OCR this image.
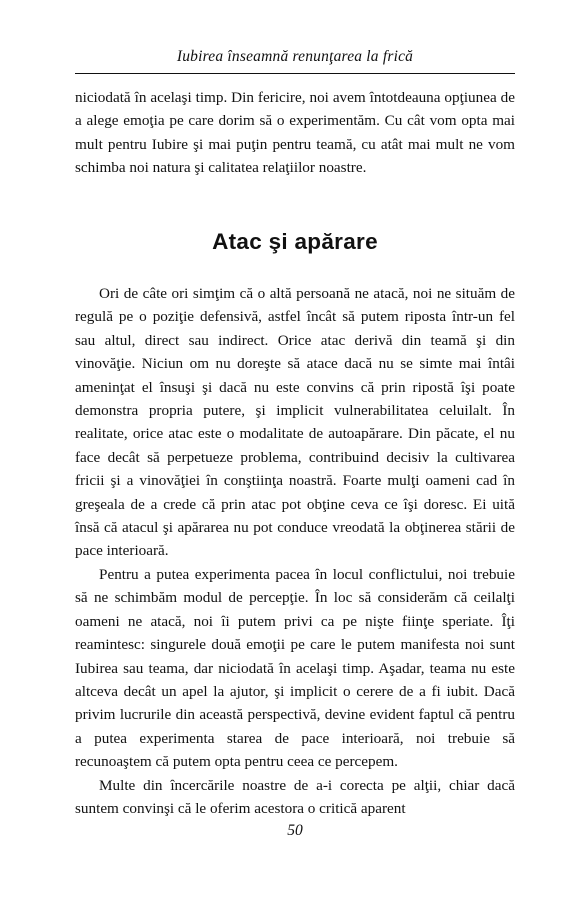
Iubirea înseamnă renunţarea la frică

niciodată în acelaşi timp. Din fericire, noi avem întotdeauna opţiunea de a alege emoţia pe care dorim să o experimentăm. Cu cât vom opta mai mult pentru Iubire şi mai puţin pentru teamă, cu atât mai mult ne vom schimba noi natura şi calitatea relaţiilor noastre.

Atac şi apărare

Ori de câte ori simţim că o altă persoană ne atacă, noi ne situăm de regulă pe o poziţie defensivă, astfel încât să putem riposta într-un fel sau altul, direct sau indirect. Orice atac derivă din teamă şi din vinovăţie. Niciun om nu doreşte să atace dacă nu se simte mai întâi ameninţat el însuşi şi dacă nu este convins că prin ripostă îşi poate demonstra propria putere, şi implicit vulnerabilitatea celuilalt. În realitate, orice atac este o modalitate de autoapărare. Din păcate, el nu face decât să perpetueze problema, contribuind decisiv la cultivarea fricii şi a vinovăţiei în conştiinţa noastră. Foarte mulţi oameni cad în greşeala de a crede că prin atac pot obţine ceva ce îşi doresc. Ei uită însă că atacul şi apărarea nu pot conduce vreodată la obţinerea stării de pace interioară.

Pentru a putea experimenta pacea în locul conflictului, noi trebuie să ne schimbăm modul de percepţie. În loc să considerăm că ceilalţi oameni ne atacă, noi îi putem privi ca pe nişte fiinţe speriate. Îţi reamintesc: singurele două emoţii pe care le putem manifesta noi sunt Iubirea sau teama, dar niciodată în acelaşi timp. Aşadar, teama nu este altceva decât un apel la ajutor, şi implicit o cerere de a fi iubit. Dacă privim lucrurile din această perspectivă, devine evident faptul că pentru a putea experimenta starea de pace interioară, noi trebuie să recunoaştem că putem opta pentru ceea ce percepem.

Multe din încercările noastre de a-i corecta pe alţii, chiar dacă suntem convinşi că le oferim acestora o critică aparent

50
